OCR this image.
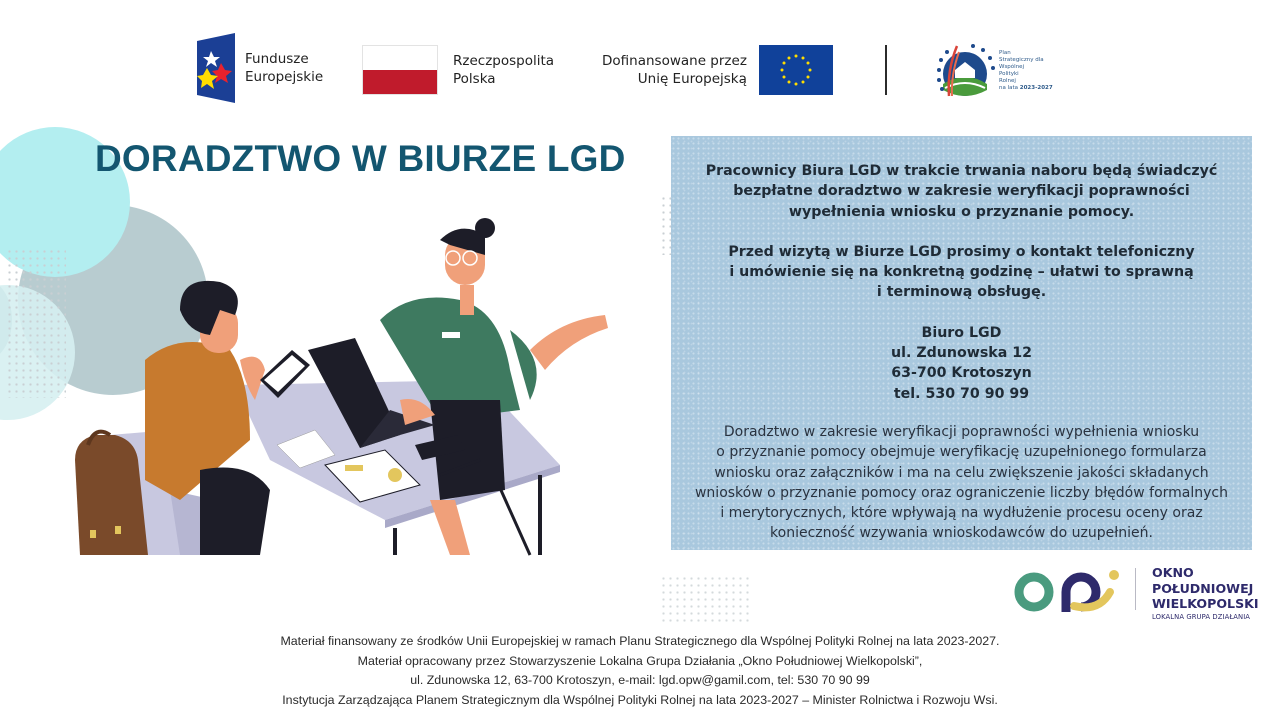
Fundusze
Europejskie
Rzeczpospolita
Polska
Dofinansowane przez
Unię Europejską
Plan
Strategiczny dla
Wspólnej
Polityki
Rolnej
na lata 2023-2027
DORADZTWO W BIURZE LGD	Pracownicy Biura LGD w trakcie trwania naboru będą świadczyć
bezpłatne doradztwo w zakresie weryfikacji poprawności
wypełnienia wniosku o przyznanie pomocy.

Przed wizytą w Biurze LGD prosimy o kontakt telefoniczny
i umówienie się na konkretną godzinę – ułatwi to sprawną
i terminową obsługę.

Biuro LGD
ul. Zdunowska 12
63-700 Krotoszyn
tel. 530 70 90 99

Doradztwo w zakresie weryfikacji poprawności wypełnienia wniosku
o przyznanie pomocy obejmuje weryfikację uzupełnionego formularza
wniosku oraz załączników i ma na celu zwiększenie jakości składanych
wniosków o przyznanie pomocy oraz ograniczenie liczby błędów formalnych
i merytorycznych, które wpływają na wydłużenie procesu oceny oraz
konieczność wzywania wnioskodawców do uzupełnień.

OKNO
POŁUDNIOWEJ
WIELKOPOLSKI
LOKALNA GRUPA DZIAŁANIA
Materiał finansowany ze środków Unii Europejskiej w ramach Planu Strategicznego dla Wspólnej Polityki Rolnej na lata 2023-2027.
Materiał opracowany przez Stowarzyszenie Lokalna Grupa Działania „Okno Południowej Wielkopolski”,
ul. Zdunowska 12, 63-700 Krotoszyn, e-mail: lgd.opw@gamil.com, tel: 530 70 90 99
Instytucja Zarządzająca Planem Strategicznym dla Wspólnej Polityki Rolnej na lata 2023-2027 – Minister Rolnictwa i Rozwoju Wsi.
